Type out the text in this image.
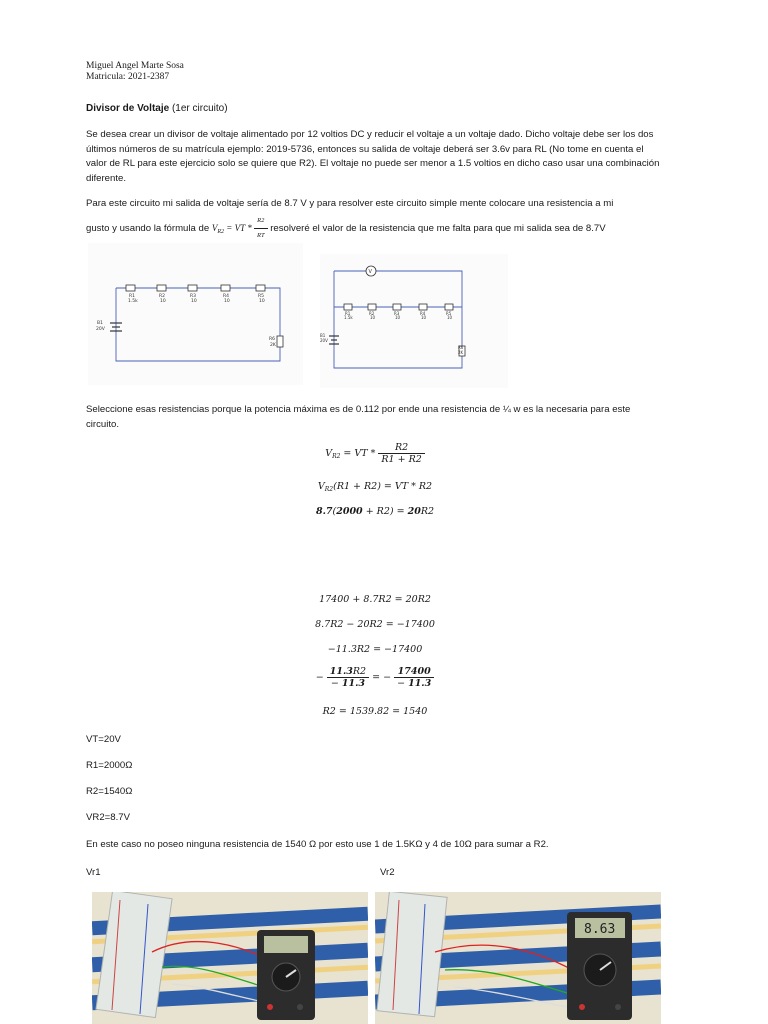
Miguel Angel Marte Sosa
Matricula: 2021-2387
Divisor de Voltaje (1er circuito)
Se desea crear un divisor de voltaje alimentado por 12 voltios DC y reducir el voltaje a un voltaje dado. Dicho voltaje debe ser los dos últimos números de su matrícula ejemplo: 2019-5736, entonces su salida de voltaje deberá ser 3.6v para RL (No tome en cuenta el valor de RL para este ejercicio solo se quiere que R2). El voltaje no puede ser menor a 1.5 voltios en dicho caso usar una combinación diferente.
Para este circuito mi salida de voltaje sería de 8.7 V y para resolver este circuito simple mente colocare una resistencia a mi
gusto y usando la fórmula de $V_{R2}$ = VT * $\frac{R2}{RT}$ resolveré el valor de la resistencia que me falta para que mi salida sea de 8.7V
R1
1.5k
R2
10
R3
10
R4
10
R5
10
B1
20V
R6
2K
V
R1
1.5k
R2
10
R3
10
R4
10
R5
10
B1
20V
R6
2K
Seleccione esas resistencias porque la potencia máxima es de 0.112 por ende una resistencia de ¼ w es la necesaria para este circuito.
$V_{R2}$ = VT * $\frac{R2}{R1 + R2}$
$V_{R2}(R1 + R2)$ = VT * R2
8.7(2000 + R2) = 20R2
17400 + 8.7R2 = 20R2
8.7R2 − 20R2 = −17400
−11.3R2 = −17400
− $\frac{11.3R2}{- 11.3}$ = − $\frac{17400}{- 11.3}$
R2 = 1539.82 = 1540
VT=20V
R1=2000Ω
R2=1540Ω
VR2=8.7V
En este caso no poseo ninguna resistencia de 1540 Ω por esto use 1 de 1.5KΩ y 4 de 10Ω para sumar a R2.
Vr1	Vr2
8.63
